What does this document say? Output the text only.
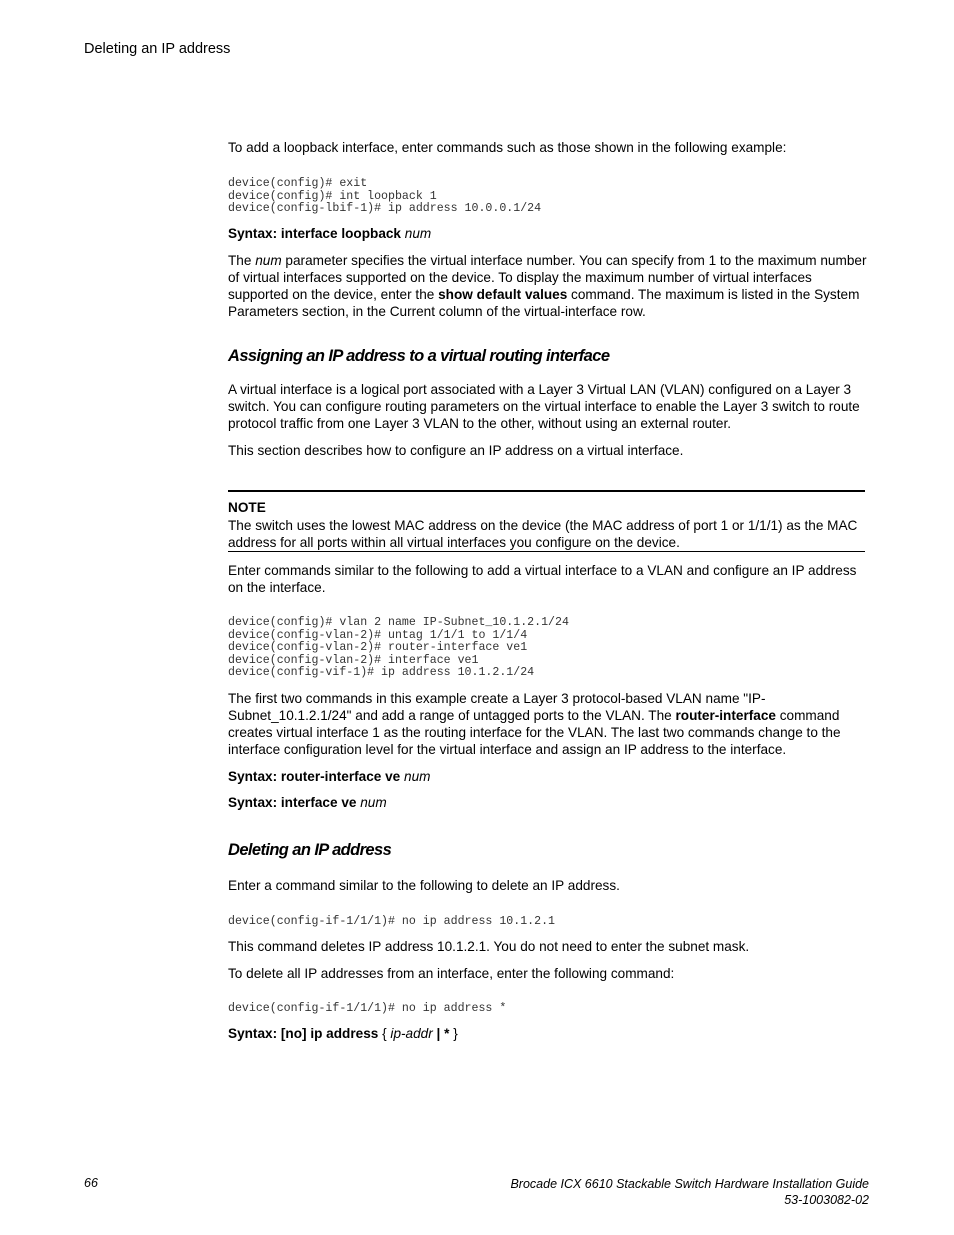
Deleting an IP address
To add a loopback interface, enter commands such as those shown in the following example:
device(config)# exit
device(config)# int loopback 1
device(config-lbif-1)# ip address 10.0.0.1/24
Syntax: interface loopback num
The num parameter specifies the virtual interface number. You can specify from 1 to the maximum number of virtual interfaces supported on the device. To display the maximum number of virtual interfaces supported on the device, enter the show default values command. The maximum is listed in the System Parameters section, in the Current column of the virtual-interface row.
Assigning an IP address to a virtual routing interface
A virtual interface is a logical port associated with a Layer 3 Virtual LAN (VLAN) configured on a Layer 3 switch. You can configure routing parameters on the virtual interface to enable the Layer 3 switch to route protocol traffic from one Layer 3 VLAN to the other, without using an external router.
This section describes how to configure an IP address on a virtual interface.
NOTE
The switch uses the lowest MAC address on the device (the MAC address of port 1 or 1/1/1) as the MAC address for all ports within all virtual interfaces you configure on the device.
Enter commands similar to the following to add a virtual interface to a VLAN and configure an IP address on the interface.
device(config)# vlan 2 name IP-Subnet_10.1.2.1/24
device(config-vlan-2)# untag 1/1/1 to 1/1/4
device(config-vlan-2)# router-interface ve1
device(config-vlan-2)# interface ve1
device(config-vif-1)# ip address 10.1.2.1/24
The first two commands in this example create a Layer 3 protocol-based VLAN name "IP-Subnet_10.1.2.1/24" and add a range of untagged ports to the VLAN. The router-interface command creates virtual interface 1 as the routing interface for the VLAN. The last two commands change to the interface configuration level for the virtual interface and assign an IP address to the interface.
Syntax: router-interface ve num
Syntax: interface ve num
Deleting an IP address
Enter a command similar to the following to delete an IP address.
device(config-if-1/1/1)# no ip address 10.1.2.1
This command deletes IP address 10.1.2.1. You do not need to enter the subnet mask.
To delete all IP addresses from an interface, enter the following command:
device(config-if-1/1/1)# no ip address *
Syntax: [no] ip address { ip-addr | * }
66	Brocade ICX 6610 Stackable Switch Hardware Installation Guide
53-1003082-02
